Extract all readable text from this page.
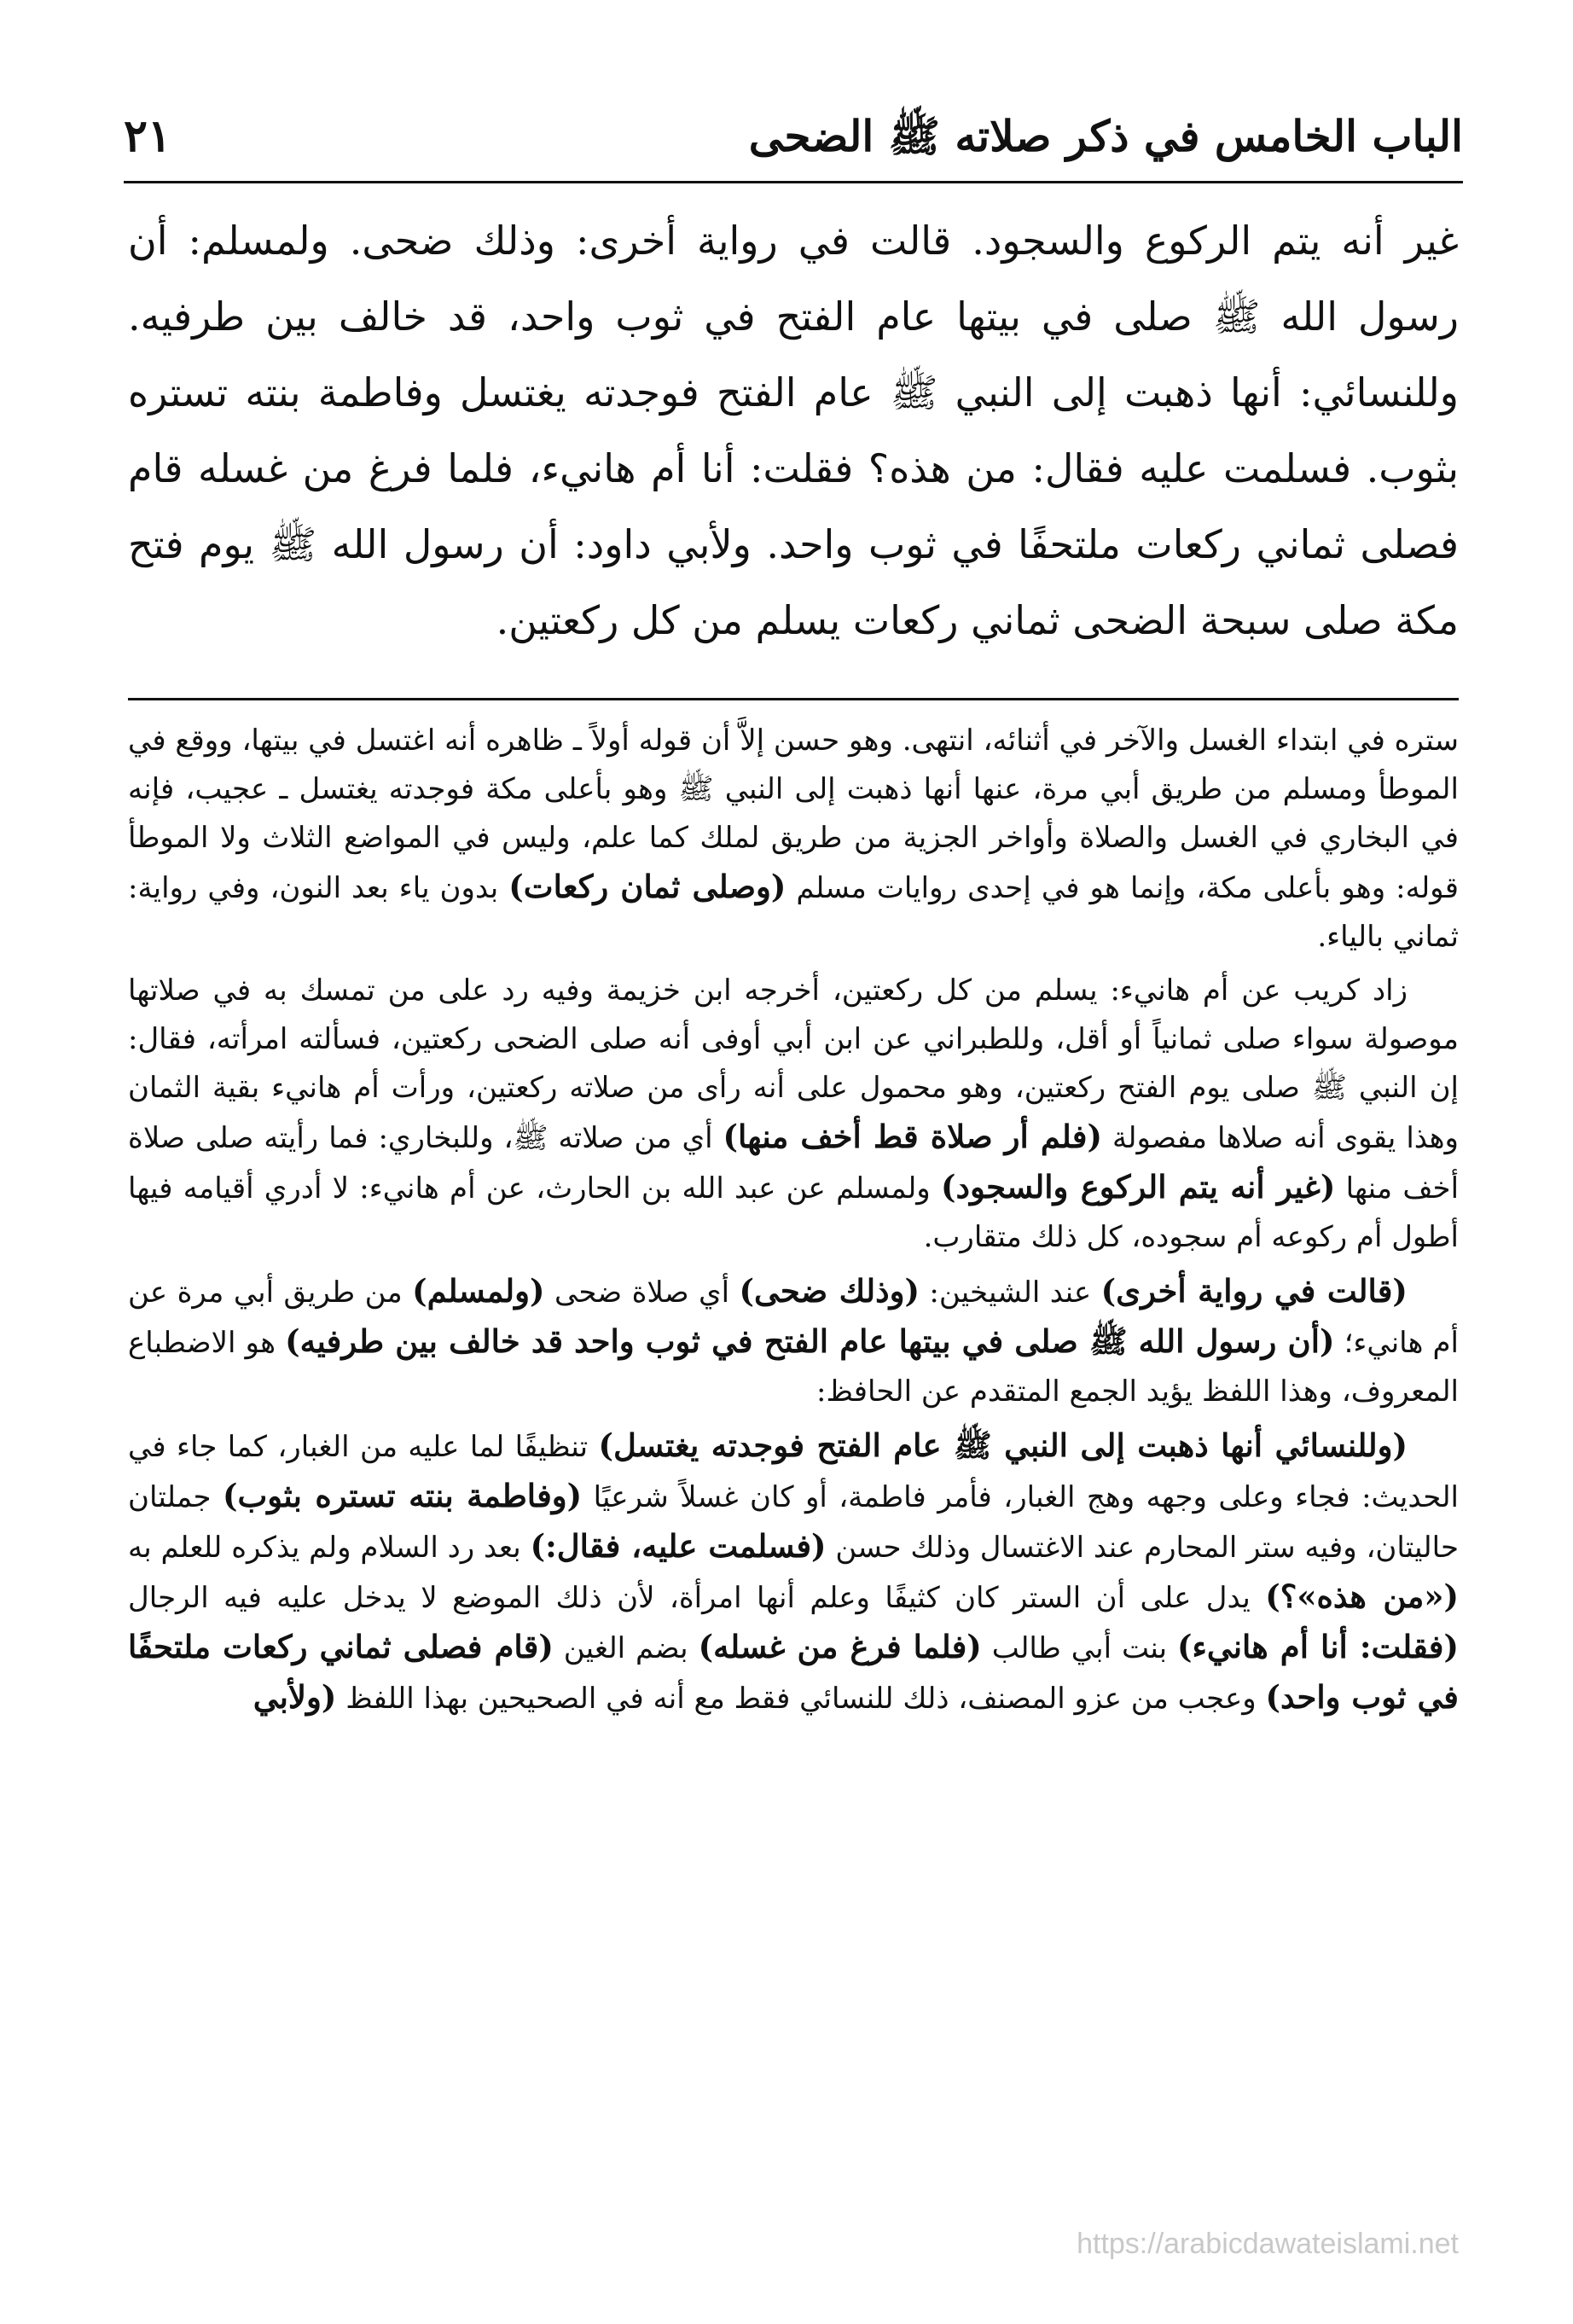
الباب الخامس في ذكر صلاته ﷺ الضحى
٢١

غير أنه يتم الركوع والسجود. قالت في رواية أخرى: وذلك ضحى. ولمسلم: أن رسول الله ﷺ صلى في بيتها عام الفتح في ثوب واحد، قد خالف بين طرفيه. وللنسائي: أنها ذهبت إلى النبي ﷺ عام الفتح فوجدته يغتسل وفاطمة بنته تستره بثوب. فسلمت عليه فقال: من هذه؟ فقلت: أنا أم هانيء، فلما فرغ من غسله قام فصلى ثماني ركعات ملتحفًا في ثوب واحد. ولأبي داود: أن رسول الله ﷺ يوم فتح مكة صلى سبحة الضحى ثماني ركعات يسلم من كل ركعتين.

ستره في ابتداء الغسل والآخر في أثنائه، انتهى. وهو حسن إلاَّ أن قوله أولاً ـ ظاهره أنه اغتسل في بيتها، ووقع في الموطأ ومسلم من طريق أبي مرة، عنها أنها ذهبت إلى النبي ﷺ وهو بأعلى مكة فوجدته يغتسل ـ عجيب، فإنه في البخاري في الغسل والصلاة وأواخر الجزية من طريق لملك كما علم، وليس في المواضع الثلاث ولا الموطأ قوله: وهو بأعلى مكة، وإنما هو في إحدى روايات مسلم (وصلى ثمان ركعات) بدون ياء بعد النون، وفي رواية: ثماني بالياء.

زاد كريب عن أم هانيء: يسلم من كل ركعتين، أخرجه ابن خزيمة وفيه رد على من تمسك به في صلاتها موصولة سواء صلى ثمانياً أو أقل، وللطبراني عن ابن أبي أوفى أنه صلى الضحى ركعتين، فسألته امرأته، فقال: إن النبي ﷺ صلى يوم الفتح ركعتين، وهو محمول على أنه رأى من صلاته ركعتين، ورأت أم هانيء بقية الثمان وهذا يقوى أنه صلاها مفصولة (فلم أر صلاة قط أخف منها) أي من صلاته ﷺ، وللبخاري: فما رأيته صلى صلاة أخف منها (غير أنه يتم الركوع والسجود) ولمسلم عن عبد الله بن الحارث، عن أم هانيء: لا أدري أقيامه فيها أطول أم ركوعه أم سجوده، كل ذلك متقارب.

(قالت في رواية أخرى) عند الشيخين: (وذلك ضحى) أي صلاة ضحى (ولمسلم) من طريق أبي مرة عن أم هانيء؛ (أن رسول الله ﷺ صلى في بيتها عام الفتح في ثوب واحد قد خالف بين طرفيه) هو الاضطباع المعروف، وهذا اللفظ يؤيد الجمع المتقدم عن الحافظ:

(وللنسائي أنها ذهبت إلى النبي ﷺ عام الفتح فوجدته يغتسل) تنظيفًا لما عليه من الغبار، كما جاء في الحديث: فجاء وعلى وجهه وهج الغبار، فأمر فاطمة، أو كان غسلاً شرعيًا (وفاطمة بنته تستره بثوب) جملتان حاليتان، وفيه ستر المحارم عند الاغتسال وذلك حسن (فسلمت عليه، فقال:) بعد رد السلام ولم يذكره للعلم به («من هذه»؟) يدل على أن الستر كان كثيفًا وعلم أنها امرأة، لأن ذلك الموضع لا يدخل عليه فيه الرجال (فقلت: أنا أم هانيء) بنت أبي طالب (فلما فرغ من غسله) بضم الغين (قام فصلى ثماني ركعات ملتحفًا في ثوب واحد) وعجب من عزو المصنف، ذلك للنسائي فقط مع أنه في الصحيحين بهذا اللفظ (ولأبي

https://arabicdawateislami.net
